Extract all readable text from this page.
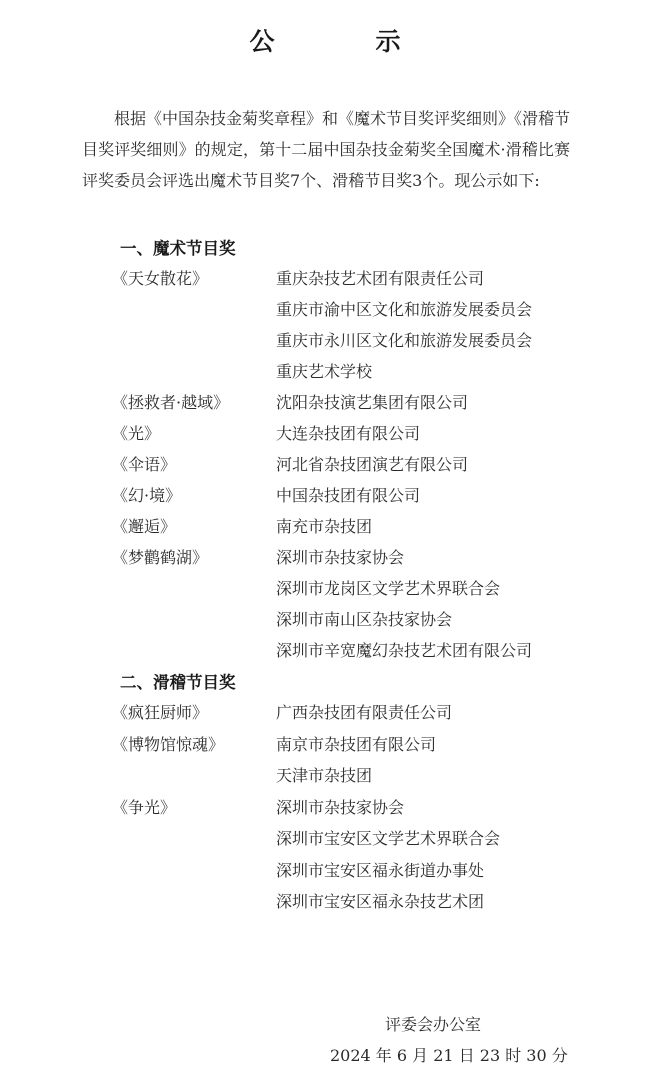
公　示
根据《中国杂技金菊奖章程》和《魔术节目奖评奖细则》《滑稽节目奖评奖细则》的规定，第十二届中国杂技金菊奖全国魔术·滑稽比赛评奖委员会评选出魔术节目奖7个、滑稽节目奖3个。现公示如下:
一、魔术节目奖
《天女散花》	重庆杂技艺术团有限责任公司
重庆市渝中区文化和旅游发展委员会
重庆市永川区文化和旅游发展委员会
重庆艺术学校
《拯救者·越域》	沈阳杂技演艺集团有限公司
《光》	大连杂技团有限公司
《伞语》	河北省杂技团演艺有限公司
《幻·境》	中国杂技团有限公司
《邂逅》	南充市杂技团
《梦鹳鹤湖》	深圳市杂技家协会
深圳市龙岗区文学艺术界联合会
深圳市南山区杂技家协会
深圳市辛宽魔幻杂技艺术团有限公司
二、滑稽节目奖
《疯狂厨师》	广西杂技团有限责任公司
《博物馆惊魂》	南京市杂技团有限公司
天津市杂技团
《争光》	深圳市杂技家协会
深圳市宝安区文学艺术界联合会
深圳市宝安区福永街道办事处
深圳市宝安区福永杂技艺术团
评委会办公室
2024 年 6 月 21 日 23 时 30 分
